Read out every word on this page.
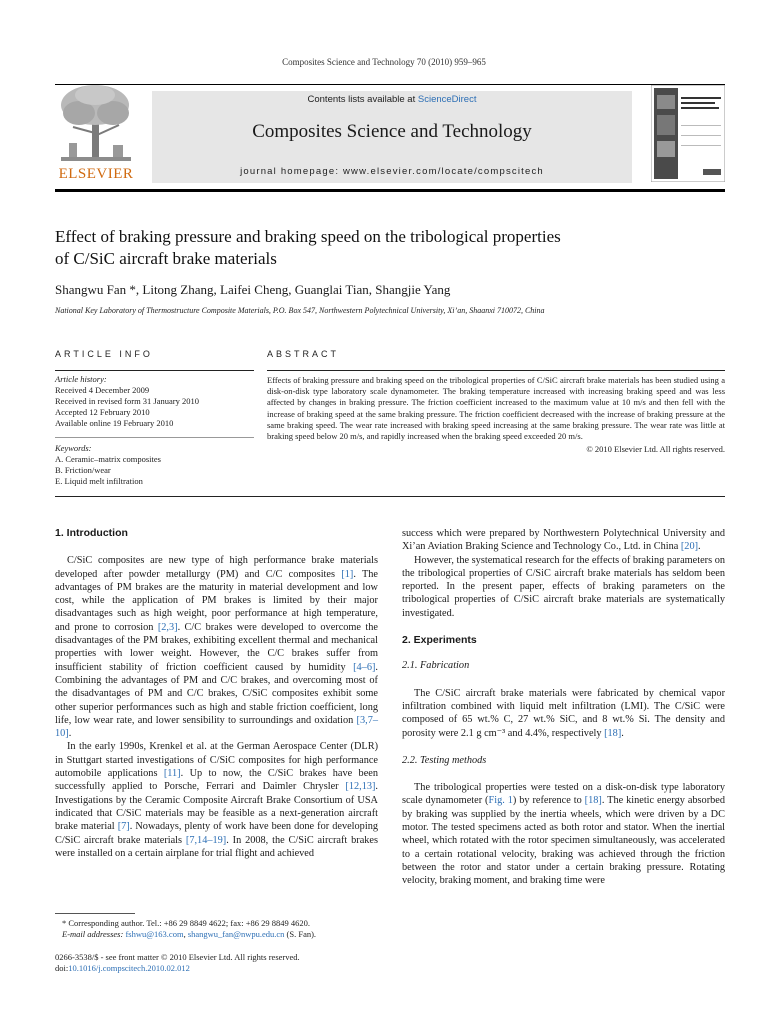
Composites Science and Technology 70 (2010) 959–965
ELSEVIER
Contents lists available at ScienceDirect
Composites Science and Technology
journal homepage: www.elsevier.com/locate/compscitech
Effect of braking pressure and braking speed on the tribological properties
of C/SiC aircraft brake materials
Shangwu Fan *, Litong Zhang, Laifei Cheng, Guanglai Tian, Shangjie Yang
National Key Laboratory of Thermostructure Composite Materials, P.O. Box 547, Northwestern Polytechnical University, Xi’an, Shaanxi 710072, China
ARTICLE INFO
Article history:
Received 4 December 2009
Received in revised form 31 January 2010
Accepted 12 February 2010
Available online 19 February 2010
Keywords:
A. Ceramic–matrix composites
B. Friction/wear
E. Liquid melt infiltration
ABSTRACT
Effects of braking pressure and braking speed on the tribological properties of C/SiC aircraft brake materials has been studied using a disk-on-disk type laboratory scale dynamometer. The braking temperature increased with increasing braking speed and was less affected by changes in braking pressure. The friction coefficient increased to the maximum value at 10 m/s and then fell with the increase of braking speed at the same braking pressure. The friction coefficient decreased with the increase of braking pressure at the same braking speed. The wear rate increased with braking speed increasing at the same braking pressure. The wear rate was little at braking speed below 20 m/s, and rapidly increased when the braking speed exceeded 20 m/s.
© 2010 Elsevier Ltd. All rights reserved.
1. Introduction

C/SiC composites are new type of high performance brake materials developed after powder metallurgy (PM) and C/C composites [1]. The advantages of PM brakes are the maturity in material development and low cost, while the application of PM brakes is limited by their major disadvantages such as high weight, poor performance at high temperature, and prone to corrosion [2,3]. C/C brakes were developed to overcome the disadvantages of the PM brakes, exhibiting excellent thermal and mechanical properties with lower weight. However, the C/C brakes suffer from insufficient stability of friction coefficient caused by humidity [4–6]. Combining the advantages of PM and C/C brakes, and overcoming most of the disadvantages of PM and C/C brakes, C/SiC composites exhibit some other superior performances such as high and stable friction coefficient, long life, low wear rate, and lower sensibility to surroundings and oxidation [3,7–10].

In the early 1990s, Krenkel et al. at the German Aerospace Center (DLR) in Stuttgart started investigations of C/SiC composites for high performance automobile applications [11]. Up to now, the C/SiC brakes have been successfully applied to Porsche, Ferrari and Daimler Chrysler [12,13]. Investigations by the Ceramic Composite Aircraft Brake Consortium of USA indicated that C/SiC materials may be feasible as a next-generation aircraft brake material [7]. Nowadays, plenty of work have been done for developing C/SiC aircraft brake materials [7,14–19]. In 2008, the C/SiC aircraft brakes were installed on a certain airplane for trial flight and achieved

* Corresponding author. Tel.: +86 29 8849 4622; fax: +86 29 8849 4620.
E-mail addresses: fshwu@163.com, shangwu_fan@nwpu.edu.cn (S. Fan).
0266-3538/$ - see front matter © 2010 Elsevier Ltd. All rights reserved.
doi:10.1016/j.compscitech.2010.02.012

success which were prepared by Northwestern Polytechnical University and Xi’an Aviation Braking Science and Technology Co., Ltd. in China [20].

However, the systematical research for the effects of braking parameters on the tribological properties of C/SiC aircraft brake materials has seldom been reported. In the present paper, effects of braking parameters on the tribological properties of C/SiC aircraft brake materials are systematically investigated.

2. Experiments
2.1. Fabrication

The C/SiC aircraft brake materials were fabricated by chemical vapor infiltration combined with liquid melt infiltration (LMI). The C/SiC were composed of 65 wt.% C, 27 wt.% SiC, and 8 wt.% Si. The density and porosity were 2.1 g cm⁻³ and 4.4%, respectively [18].

2.2. Testing methods

The tribological properties were tested on a disk-on-disk type laboratory scale dynamometer (Fig. 1) by reference to [18]. The kinetic energy absorbed by braking was supplied by the inertia wheels, which were driven by a DC motor. The tested specimens acted as both rotor and stator. When the inertial wheel, which rotated with the rotor specimen simultaneously, was accelerated to a certain rotational velocity, braking was achieved through the friction between the rotor and stator under a certain braking pressure. Rotating velocity, braking moment, and braking time were
